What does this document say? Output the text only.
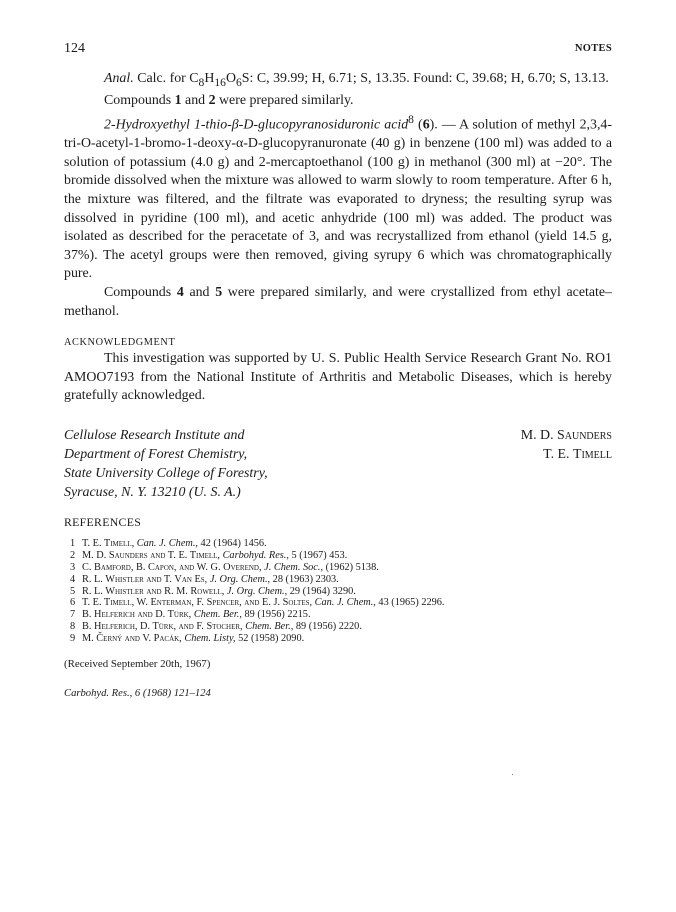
124	NOTES

Anal. Calc. for $C_8H_{16}O_6S$: C, 39.99; H, 6.71; S, 13.35. Found: C, 39.68; H, 6.70; S, 13.13.

Compounds 1 and 2 were prepared similarly.

2-Hydroxyethyl 1-thio-β-D-glucopyranosiduronic acid$^8$ (6). — A solution of methyl 2,3,4-tri-O-acetyl-1-bromo-1-deoxy-α-D-glucopyranuronate (40 g) in benzene (100 ml) was added to a solution of potassium (4.0 g) and 2-mercaptoethanol (100 g) in methanol (300 ml) at −20°. The bromide dissolved when the mixture was allowed to warm slowly to room temperature. After 6 h, the mixture was filtered, and the filtrate was evaporated to dryness; the resulting syrup was dissolved in pyridine (100 ml), and acetic anhydride (100 ml) was added. The product was isolated as described for the peracetate of 3, and was recrystallized from ethanol (yield 14.5 g, 37%). The acetyl groups were then removed, giving syrupy 6 which was chromatographically pure.

Compounds 4 and 5 were prepared similarly, and were crystallized from ethyl acetate–methanol.

ACKNOWLEDGMENT

This investigation was supported by U. S. Public Health Service Research Grant No. RO1 AMOO7193 from the National Institute of Arthritis and Metabolic Diseases, which is hereby gratefully acknowledged.

Cellulose Research Institute and
Department of Forest Chemistry,
State University College of Forestry,
Syracuse, N. Y. 13210 (U. S. A.)
M. D. Saunders
T. E. Timell
REFERENCES
1 T. E. Timell, Can. J. Chem., 42 (1964) 1456.
2 M. D. Saunders and T. E. Timell, Carbohyd. Res., 5 (1967) 453.
3 C. Bamford, B. Capon, and W. G. Overend, J. Chem. Soc., (1962) 5138.
4 R. L. Whistler and T. Van Es, J. Org. Chem., 28 (1963) 2303.
5 R. L. Whistler and R. M. Rowell, J. Org. Chem., 29 (1964) 3290.
6 T. E. Timell, W. Enterman, F. Spencer, and E. J. Soltes, Can. J. Chem., 43 (1965) 2296.
7 B. Helferich and D. Türk, Chem. Ber., 89 (1956) 2215.
8 B. Helferich, D. Türk, and F. Stocher, Chem. Ber., 89 (1956) 2220.
9 M. Černý and V. Pacák, Chem. Listy, 52 (1958) 2090.
(Received September 20th, 1967)
Carbohyd. Res., 6 (1968) 121–124
